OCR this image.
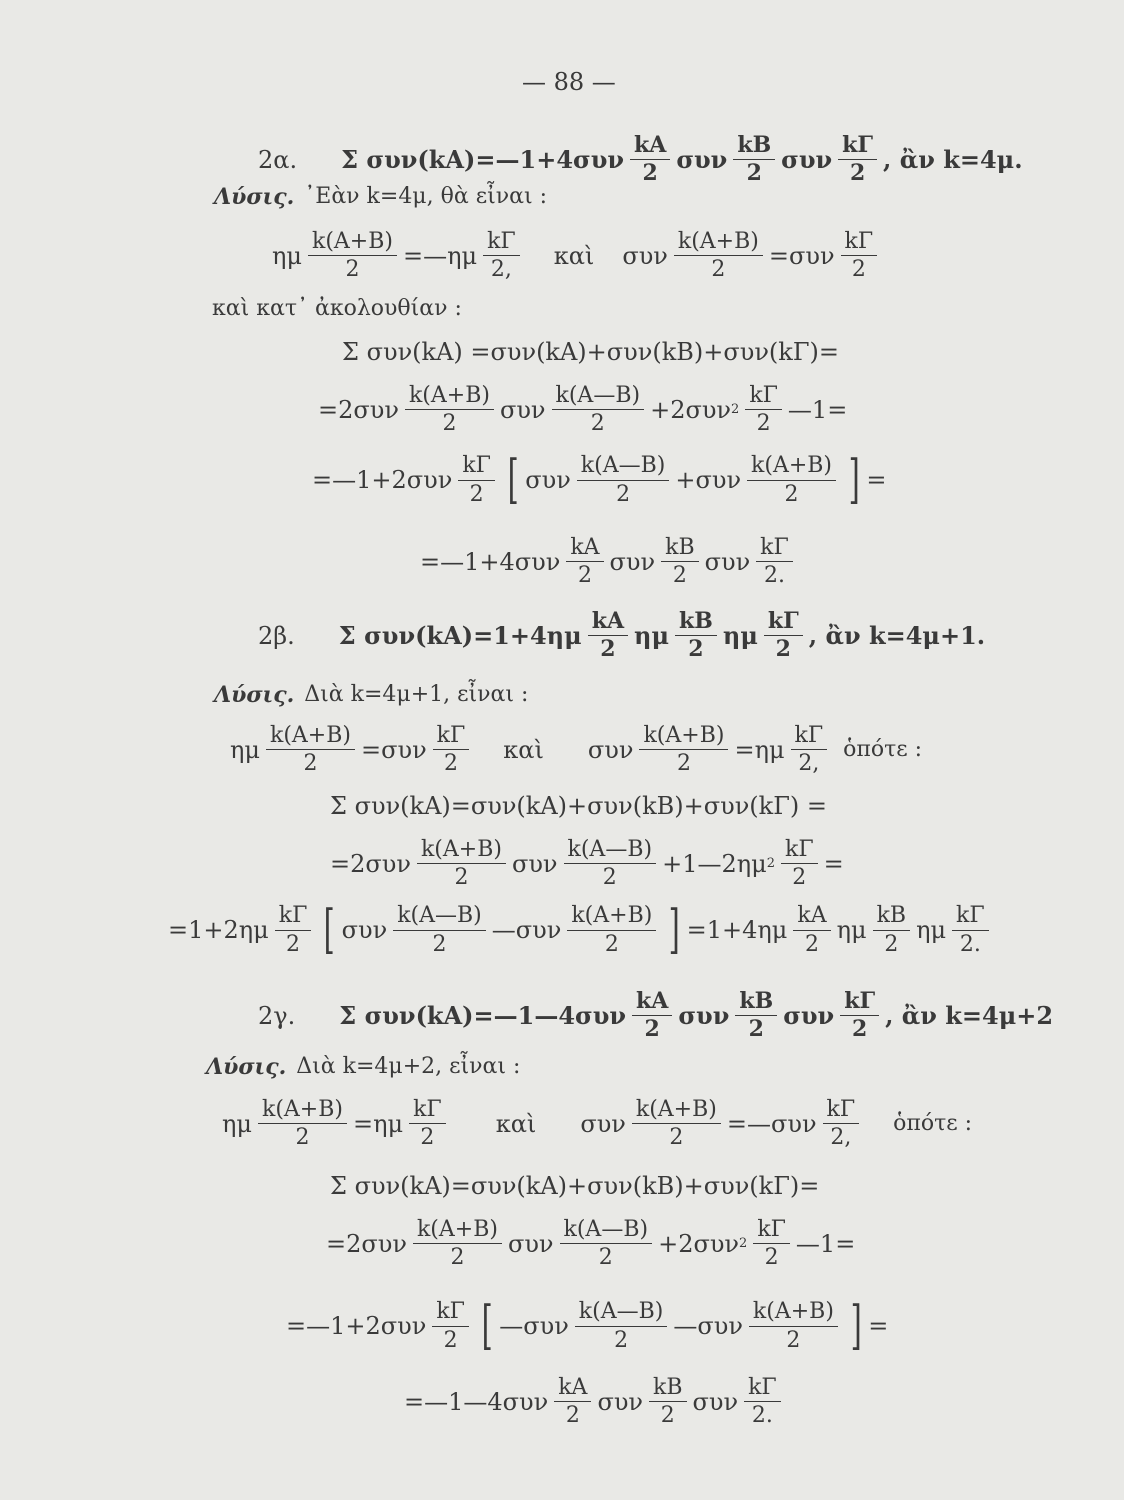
— 88 —
2α. Σ συν(kA)=—1+4συν $\frac{kA}{2}$ συν $\frac{kB}{2}$ συν $\frac{k\Gamma}{2}$ , ἂν k=4μ.
Λύσις. ᾽Εὰν k=4μ, θὰ εἶναι :
ημ $\frac{k(A+B)}{2}$ =—ημ $\frac{k\Gamma}{2,}$ καὶ συν $\frac{k(A+B)}{2} =\sigma\upsilon\nu \frac{k\Gamma}{2}$
καὶ κατ᾽ ἀκολουθίαν :
Σ συν(kA) =συν(kA)+συν(kB)+συν(kΓ)=
$=2\sigma\upsilon\nu \frac{k(A+B)}{2}$ συν $\frac{k(A—B)}{2} +2\sigma\upsilon\nu$ $2 \frac{k\Gamma}{2}$ —1=
=—1+2συν $\frac{k\Gamma}{2}$ [ συν $\frac{k(A—B)}{2} +\sigma\upsilon\nu \frac{k(A+B)}{2}$ ] =
=—1+4συν $\frac{kA}{2}$ συν $\frac{kB}{2}$ συν $\frac{k\Gamma}{2.}$
2β. Σ $\sigma\upsilon\nu(kA)=1+4\eta\mu \frac{kA}{2}$ ημ $\frac{kB}{2}$ ημ $\frac{k\Gamma}{2}$ , ἂν k=4μ+1.
Λύσις. Διὰ k=4μ+1, εἶναι :
ημ $\frac{k(A+B)}{2} =\sigma\upsilon\nu \frac{k\Gamma}{2}$ καὶ συν $\frac{k(A+B)}{2} =\eta\mu \frac{k\Gamma}{2,}$ ὁπότε :
Σ συν(kA)=συν(kA)+συν(kB)+συν(kΓ) =
$=2\sigma\upsilon\nu \frac{k(A+B)}{2}$ συν $\frac{k(A—B)}{2}$ +1—2ημ $2 \frac{k\Gamma}{2}$ =
$=1+2\eta\mu \frac{k\Gamma}{2}$ [ συν $\frac{k(A—B)}{2}$ —συν $\frac{k(A+B)}{2}$ ] $=1+4\eta\mu \frac{kA}{2}$ ημ $\frac{kB}{2}$ ημ $\frac{k\Gamma}{2.}$
2γ. Σ συν(kA)=—1—4συν $\frac{kA}{2}$ συν $\frac{kB}{2}$ συν $\frac{k\Gamma}{2}$ , ἂν k=4μ+2
Λύσις. Διὰ k=4μ+2, εἶναι :
ημ $\frac{k(A+B)}{2} =\eta\mu \frac{k\Gamma}{2}$ καὶ συν $\frac{k(A+B)}{2}$ =—συν $\frac{k\Gamma}{2,}$ ὁπότε :
Σ συν(kA)=συν(kA)+συν(kB)+συν(kΓ)=
$=2\sigma\upsilon\nu \frac{k(A+B)}{2}$ συν $\frac{k(A—B)}{2} +2\sigma\upsilon\nu$ $2 \frac{k\Gamma}{2}$ —1=
=—1+2συν $\frac{k\Gamma}{2}$ [ —συν $\frac{k(A—B)}{2}$ —συν $\frac{k(A+B)}{2}$ ] =
=—1—4συν $\frac{kA}{2}$ συν $\frac{kB}{2}$ συν $\frac{k\Gamma}{2.}$
